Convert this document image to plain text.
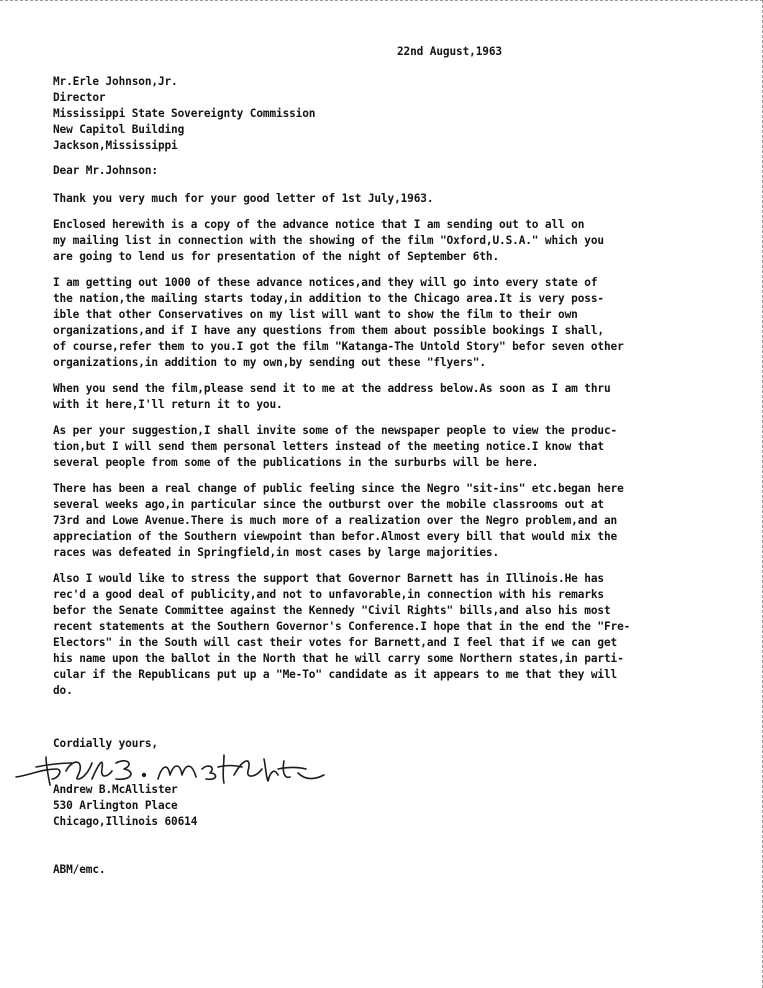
22nd August,1963
Mr.Erle Johnson,Jr.
Director
Mississippi State Sovereignty Commission
New Capitol Building
Jackson,Mississippi
Dear Mr.Johnson:
Thank you very much for your good letter of 1st July,1963.
Enclosed herewith is a copy of the advance notice that I am sending out to all on
my mailing list in connection with the showing of the film "Oxford,U.S.A." which you
are going to lend us for presentation of the night of September 6th.
I am getting out 1000 of these advance notices,and they will go into every state of
the nation,the mailing starts today,in addition to the Chicago area.It is very poss-
ible that other Conservatives on my list will want to show the film to their own
organizations,and if I have any questions from them about possible bookings I shall,
of course,refer them to you.I got the film "Katanga-The Untold Story" befor seven other
organizations,in addition to my own,by sending out these "flyers".
When you send the film,please send it to me at the address below.As soon as I am thru
with it here,I'll return it to you.
As per your suggestion,I shall invite some of the newspaper people to view the produc-
tion,but I will send them personal letters instead of the meeting notice.I know that
several people from some of the publications in the surburbs will be here.
There has been a real change of public feeling since the Negro "sit-ins" etc.began here
several weeks ago,in particular since the outburst over the mobile classrooms out at
73rd and Lowe Avenue.There is much more of a realization over the Negro problem,and an
appreciation of the Southern viewpoint than befor.Almost every bill that would mix the
races was defeated in Springfield,in most cases by large majorities.
Also I would like to stress the support that Governor Barnett has in Illinois.He has
rec'd a good deal of publicity,and not to unfavorable,in connection with his remarks
befor the Senate Committee against the Kennedy "Civil Rights" bills,and also his most
recent statements at the Southern Governor's Conference.I hope that in the end the "Fre-
Electors" in the South will cast their votes for Barnett,and I feel that if we can get
his name upon the ballot in the North that he will carry some Northern states,in parti-
cular if the Republicans put up a "Me-To" candidate as it appears to me that they will
do.
Cordially yours,
Andrew B.McAllister
530 Arlington Place
Chicago,Illinois 60614
ABM/emc.
